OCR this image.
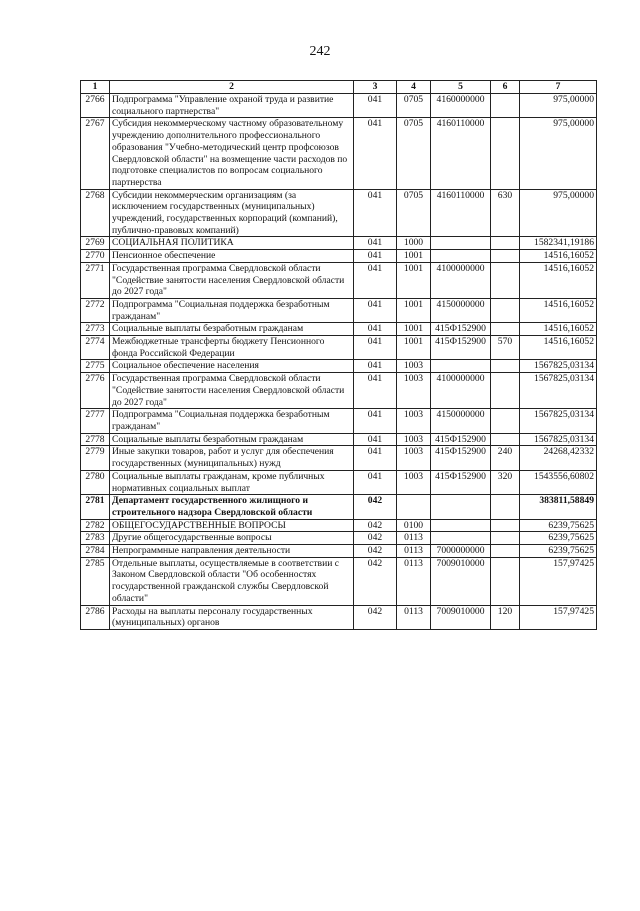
242
1	2	3	4	5	6	7
2766	Подпрограмма "Управление охраной труда и развитие социального партнерства"	041	0705	4160000000		975,00000
2767	Субсидия некоммерческому частному образовательному учреждению дополнительного профессионального образования "Учебно-методический центр профсоюзов Свердловской области" на возмещение части расходов по подготовке специалистов по вопросам социального партнерства	041	0705	4160110000		975,00000
2768	Субсидии некоммерческим организациям (за исключением государственных (муниципальных) учреждений, государственных корпораций (компаний), публично-правовых компаний)	041	0705	4160110000	630	975,00000
2769	СОЦИАЛЬНАЯ ПОЛИТИКА	041	1000			1582341,19186
2770	Пенсионное обеспечение	041	1001			14516,16052
2771	Государственная программа Свердловской области "Содействие занятости населения Свердловской области до 2027 года"	041	1001	4100000000		14516,16052
2772	Подпрограмма "Социальная поддержка безработным гражданам"	041	1001	4150000000		14516,16052
2773	Социальные выплаты безработным гражданам	041	1001	415Ф152900		14516,16052
2774	Межбюджетные трансферты бюджету Пенсионного фонда Российской Федерации	041	1001	415Ф152900	570	14516,16052
2775	Социальное обеспечение населения	041	1003			1567825,03134
2776	Государственная программа Свердловской области "Содействие занятости населения Свердловской области до 2027 года"	041	1003	4100000000		1567825,03134
2777	Подпрограмма "Социальная поддержка безработным гражданам"	041	1003	4150000000		1567825,03134
2778	Социальные выплаты безработным гражданам	041	1003	415Ф152900		1567825,03134
2779	Иные закупки товаров, работ и услуг для обеспечения государственных (муниципальных) нужд	041	1003	415Ф152900	240	24268,42332
2780	Социальные выплаты гражданам, кроме публичных нормативных социальных выплат	041	1003	415Ф152900	320	1543556,60802
2781	Департамент государственного жилищного и строительного надзора Свердловской области	042				383811,58849
2782	ОБЩЕГОСУДАРСТВЕННЫЕ ВОПРОСЫ	042	0100			6239,75625
2783	Другие общегосударственные вопросы	042	0113			6239,75625
2784	Непрограммные направления деятельности	042	0113	7000000000		6239,75625
2785	Отдельные выплаты, осуществляемые в соответствии с Законом Свердловской области "Об особенностях государственной гражданской службы Свердловской области"	042	0113	7009010000		157,97425
2786	Расходы на выплаты персоналу государственных (муниципальных) органов	042	0113	7009010000	120	157,97425
